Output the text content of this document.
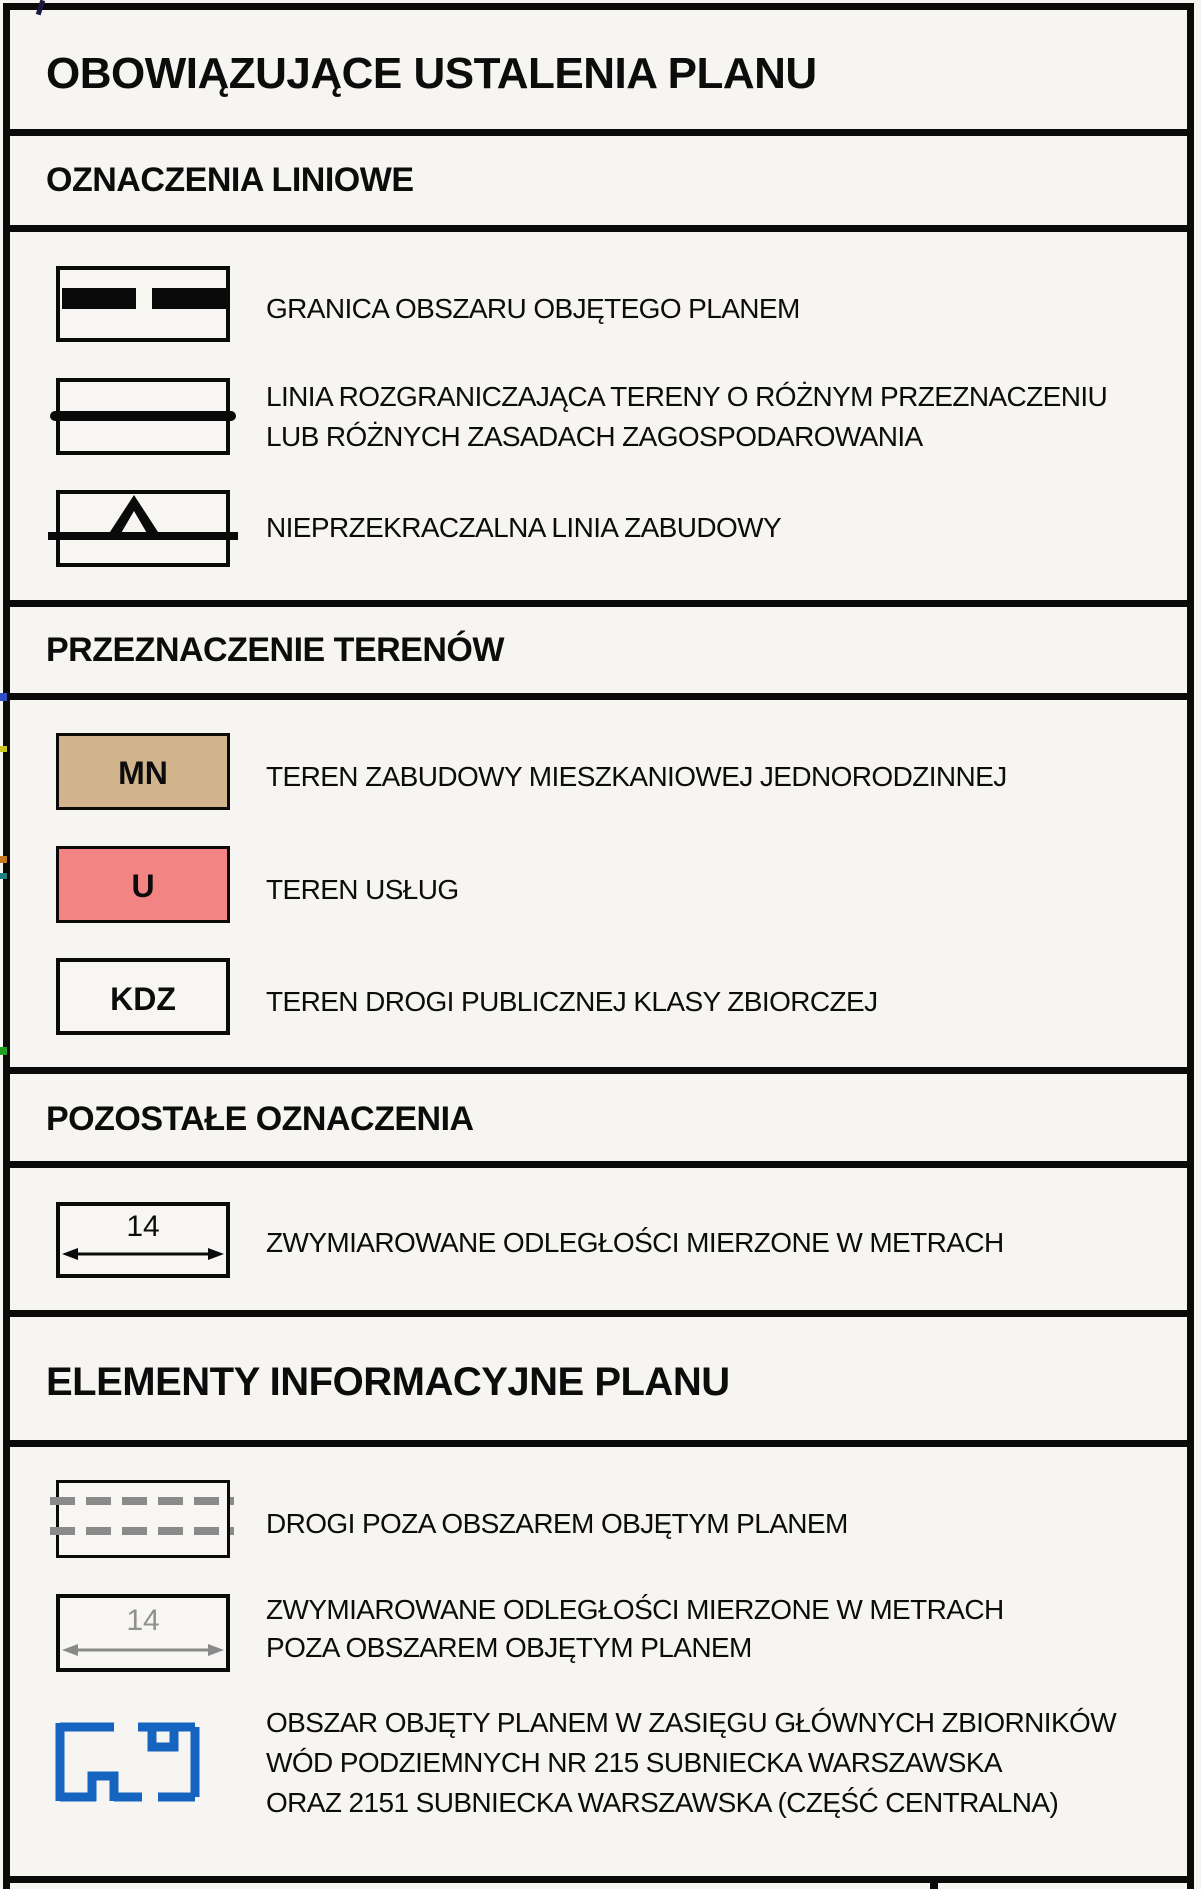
OBOWIĄZUJĄCE USTALENIA PLANU
OZNACZENIA LINIOWE
GRANICA OBSZARU OBJĘTEGO PLANEM
LINIA ROZGRANICZAJĄCA TERENY O RÓŻNYM PRZEZNACZENIU
LUB RÓŻNYCH ZASADACH ZAGOSPODAROWANIA
NIEPRZEKRACZALNA LINIA ZABUDOWY
PRZEZNACZENIE TERENÓW
MN	TEREN ZABUDOWY MIESZKANIOWEJ JEDNORODZINNEJ
U	TEREN USŁUG
KDZ	TEREN DROGI PUBLICZNEJ KLASY ZBIORCZEJ
POZOSTAŁE OZNACZENIA
14	ZWYMIAROWANE ODLEGŁOŚCI MIERZONE W METRACH
ELEMENTY INFORMACYJNE PLANU
DROGI POZA OBSZAREM OBJĘTYM PLANEM
14	ZWYMIAROWANE ODLEGŁOŚCI MIERZONE W METRACH
POZA OBSZAREM OBJĘTYM PLANEM
OBSZAR OBJĘTY PLANEM W ZASIĘGU GŁÓWNYCH ZBIORNIKÓW
WÓD PODZIEMNYCH NR 215 SUBNIECKA WARSZAWSKA
ORAZ 2151 SUBNIECKA WARSZAWSKA (CZĘŚĆ CENTRALNA)
